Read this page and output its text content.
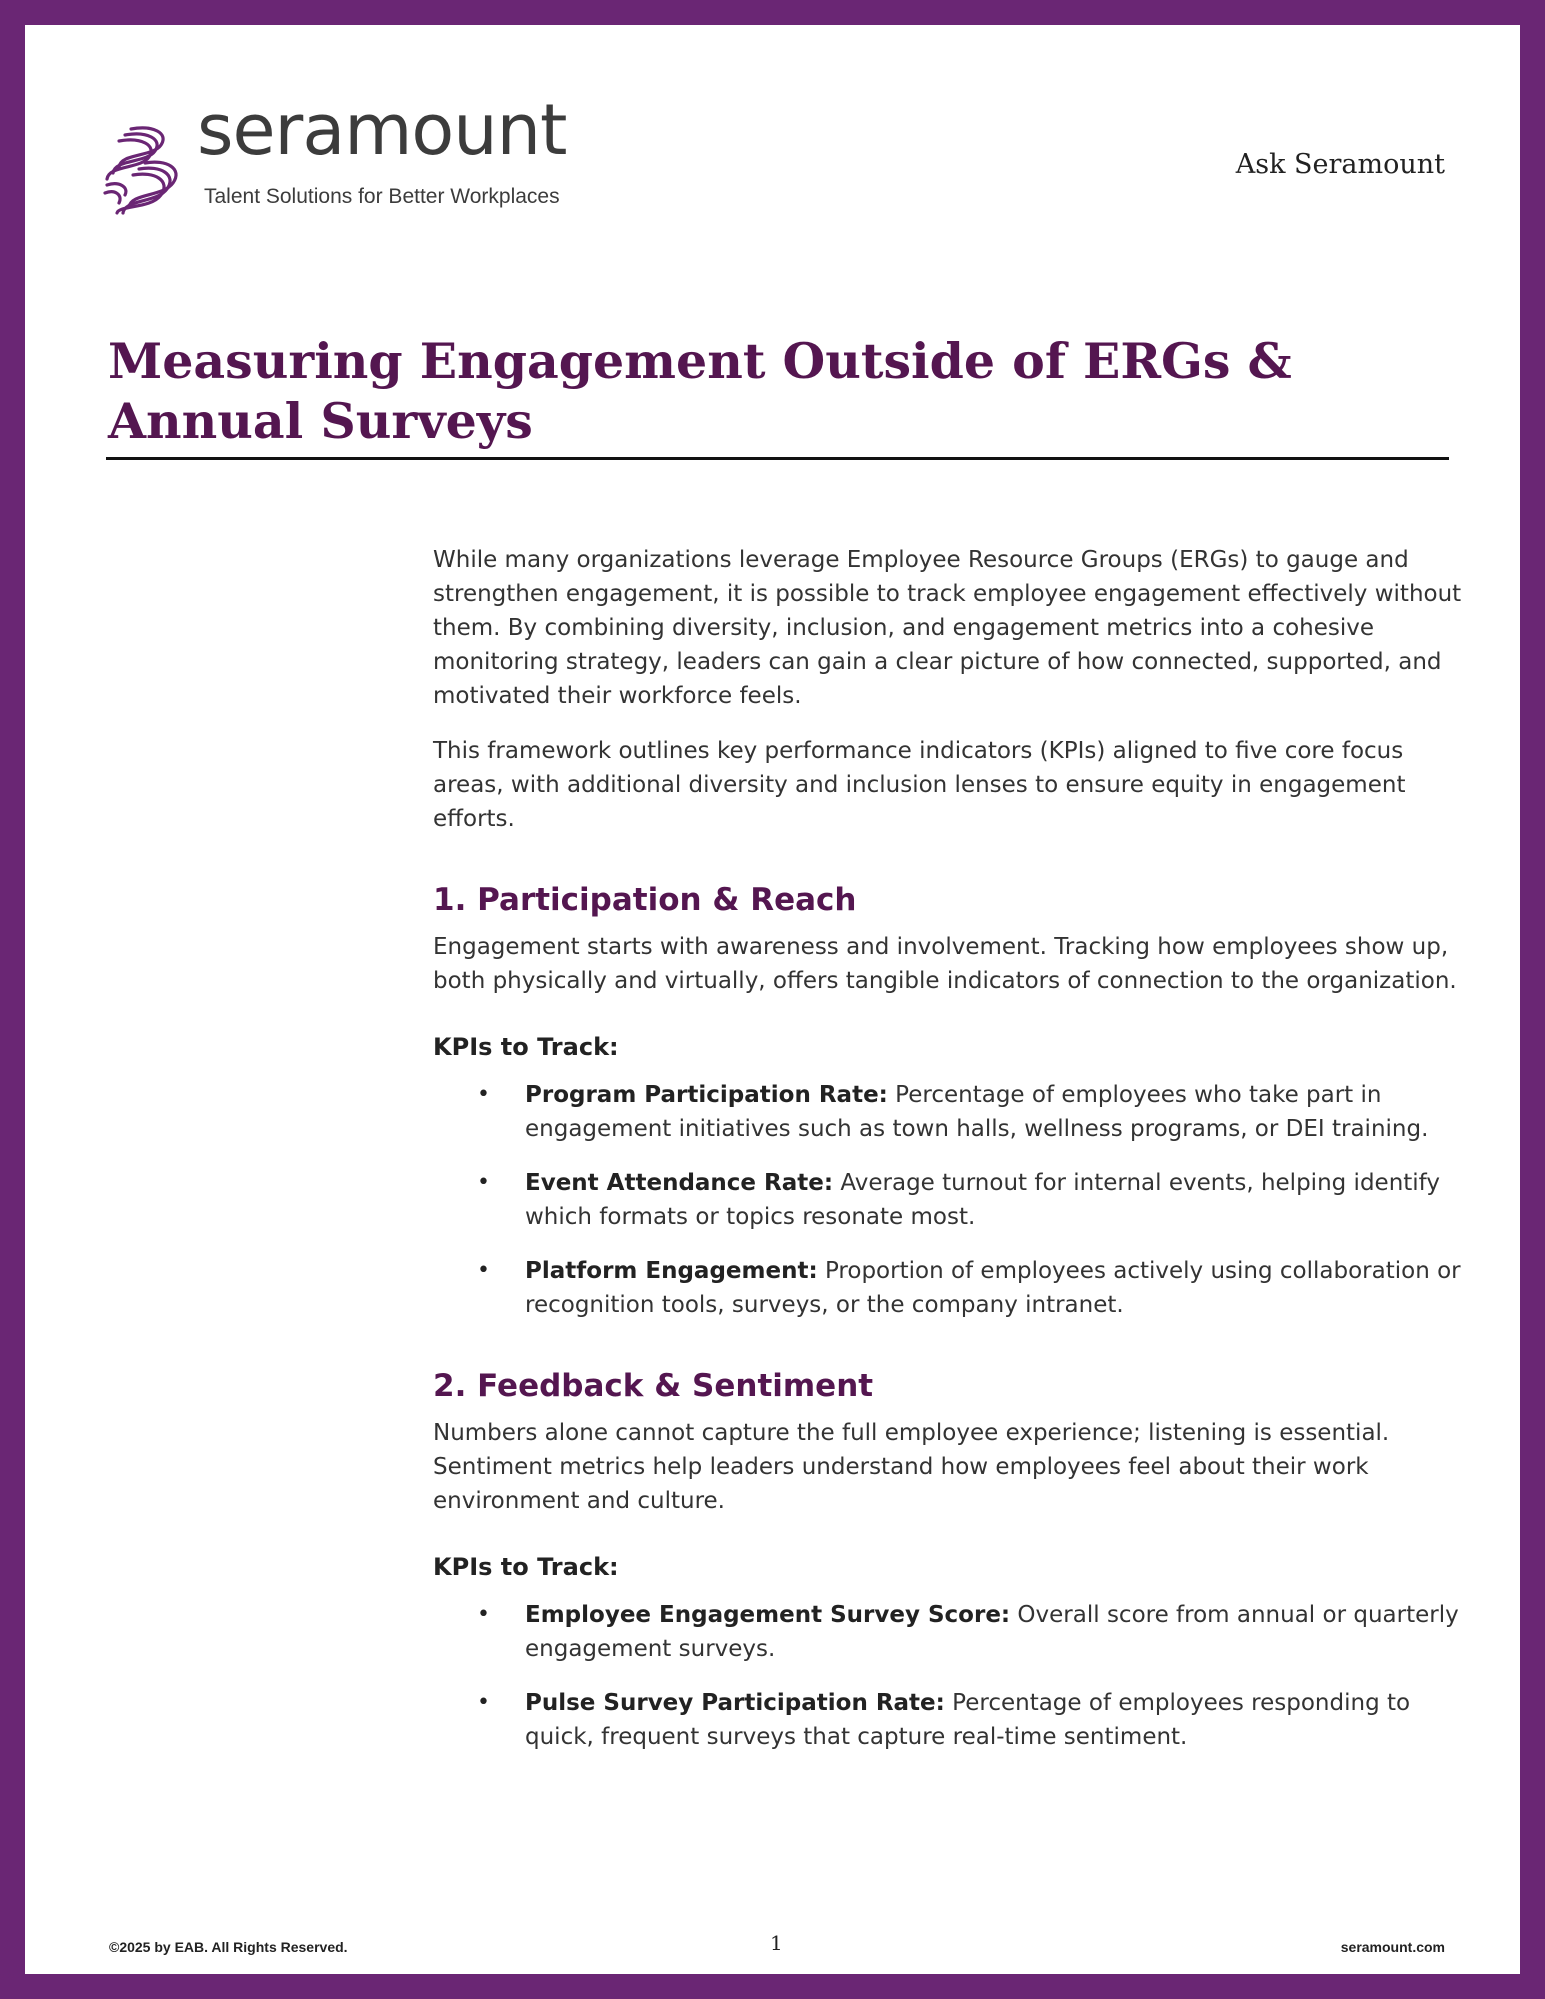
seramount
Talent Solutions for Better Workplaces
Ask Seramount
Measuring Engagement Outside of ERGs & Annual Surveys

While many organizations leverage Employee Resource Groups (ERGs) to gauge and strengthen engagement, it is possible to track employee engagement effectively without them. By combining diversity, inclusion, and engagement metrics into a cohesive monitoring strategy, leaders can gain a clear picture of how connected, supported, and motivated their workforce feels.

This framework outlines key performance indicators (KPIs) aligned to five core focus areas, with additional diversity and inclusion lenses to ensure equity in engagement efforts.

1. Participation & Reach

Engagement starts with awareness and involvement. Tracking how employees show up, both physically and virtually, offers tangible indicators of connection to the organization.

KPIs to Track:
• Program Participation Rate: Percentage of employees who take part in engagement initiatives such as town halls, wellness programs, or DEI training.
• Event Attendance Rate: Average turnout for internal events, helping identify which formats or topics resonate most.
• Platform Engagement: Proportion of employees actively using collaboration or recognition tools, surveys, or the company intranet.
2. Feedback & Sentiment

Numbers alone cannot capture the full employee experience; listening is essential. Sentiment metrics help leaders understand how employees feel about their work environment and culture.

KPIs to Track:
• Employee Engagement Survey Score: Overall score from annual or quarterly engagement surveys.
• Pulse Survey Participation Rate: Percentage of employees responding to quick, frequent surveys that capture real-time sentiment.
©2025 by EAB. All Rights Reserved.	1	seramount.com
